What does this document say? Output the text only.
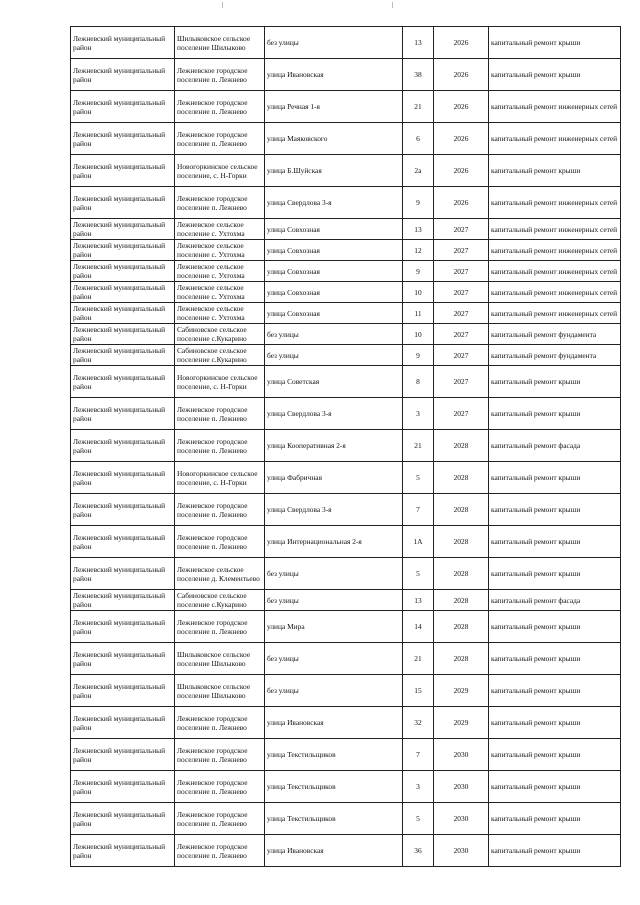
Лежневский муниципальный район	Шилыковское сельское поселение Шилыково	без улицы	13	2026	капитальный ремонт крыши
Лежневский муниципальный район	Лежневское городское поселение п. Лежнево	улица Ивановская	38	2026	капитальный ремонт крыши
Лежневский муниципальный район	Лежневское городское поселение п. Лежнево	улица Речная 1-я	21	2026	капитальный ремонт инженерных сетей
Лежневский муниципальный район	Лежневское городское поселение п. Лежнево	улица Маяковского	6	2026	капитальный ремонт инженерных сетей
Лежневский муниципальный район	Новогоркинское сельское поселение, с. Н-Горки	улица Б.Шуйская	2а	2026	капитальный ремонт крыши
Лежневский муниципальный район	Лежневское городское поселение п. Лежнево	улица Свердлова 3-я	9	2026	капитальный ремонт инженерных сетей
Лежневский муниципальный район	Лежневское сельское поселение с. Ухтохма	улица Совхозная	13	2027	капитальный ремонт инженерных сетей
Лежневский муниципальный район	Лежневское сельское поселение с. Ухтохма	улица Совхозная	12	2027	капитальный ремонт инженерных сетей
Лежневский муниципальный район	Лежневское сельское поселение с. Ухтохма	улица Совхозная	9	2027	капитальный ремонт инженерных сетей
Лежневский муниципальный район	Лежневское сельское поселение с. Ухтохма	улица Совхозная	10	2027	капитальный ремонт инженерных сетей
Лежневский муниципальный район	Лежневское сельское поселение с. Ухтохма	улица Совхозная	11	2027	капитальный ремонт инженерных сетей
Лежневский муниципальный район	Сабиновское сельское поселение с.Кукарино	без улицы	10	2027	капитальный ремонт фундамента
Лежневский муниципальный район	Сабиновское сельское поселение с.Кукарино	без улицы	9	2027	капитальный ремонт фундамента
Лежневский муниципальный район	Новогоркинское сельское поселение, с. Н-Горки	улица Советская	8	2027	капитальный ремонт крыши
Лежневский муниципальный район	Лежневское городское поселение п. Лежнево	улица Свердлова 3-я	3	2027	капитальный ремонт крыши
Лежневский муниципальный район	Лежневское городское поселение п. Лежнево	улица Кооперативная 2-я	21	2028	капитальный ремонт фасада
Лежневский муниципальный район	Новогоркинское сельское поселение, с. Н-Горки	улица Фабричная	5	2028	капитальный ремонт крыши
Лежневский муниципальный район	Лежневское городское поселение п. Лежнево	улица Свердлова 3-я	7	2028	капитальный ремонт крыши
Лежневский муниципальный район	Лежневское городское поселение п. Лежнево	улица Интернациональная 2-я	1А	2028	капитальный ремонт крыши
Лежневский муниципальный район	Лежневское сельское поселение д. Клементьево	без улицы	5	2028	капитальный ремонт крыши
Лежневский муниципальный район	Сабиновское сельское поселение с.Кукарино	без улицы	13	2028	капитальный ремонт фасада
Лежневский муниципальный район	Лежневское городское поселение п. Лежнево	улица Мира	14	2028	капитальный ремонт крыши
Лежневский муниципальный район	Шилыковское сельское поселение Шилыково	без улицы	21	2028	капитальный ремонт крыши
Лежневский муниципальный район	Шилыковское сельское поселение Шилыково	без улицы	15	2029	капитальный ремонт крыши
Лежневский муниципальный район	Лежневское городское поселение п. Лежнево	улица Ивановская	32	2029	капитальный ремонт крыши
Лежневский муниципальный район	Лежневское городское поселение п. Лежнево	улица Текстильщиков	7	2030	капитальный ремонт крыши
Лежневский муниципальный район	Лежневское городское поселение п. Лежнево	улица Текстильщиков	3	2030	капитальный ремонт крыши
Лежневский муниципальный район	Лежневское городское поселение п. Лежнево	улица Текстильщиков	5	2030	капитальный ремонт крыши
Лежневский муниципальный район	Лежневское городское поселение п. Лежнево	улица Ивановская	36	2030	капитальный ремонт крыши
